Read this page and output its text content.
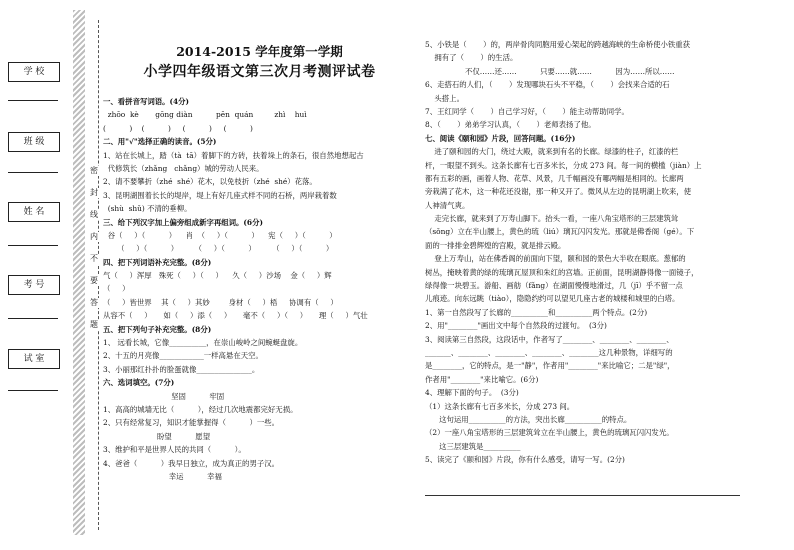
学 校
班 级
姓 名
考 号
试 室
密
封
线
内
不
要
答
题
2014-2015 学年度第一学期
小学四年级语文第三次月考测评试卷
一、看拼音写词语。(4分)
zhōo  kè       gōng diàn          pēn  quán         zhì    huì
(          )    (          )     (          )     (          )
二、用"√"选择正确的读音。(5分)
1、站在长城上，踏（tà  tā）着脚下的方砖，扶着垛上的条石，很自然地想起古
代修筑长（zhǎng   chǎng）城的劳动人民来。
2、请不要攀折（zhé  shé）花木，以免枝折（zhé  shé）花落。
3、昆明湖围着长长的堤岸，堤上有好几座式样不同的石桥，两岸栽着数
(shù  shǔ) 不清的垂柳。
三、给下列汉字加上偏旁组成新字再组词。(6分)
谷（     ）（          ）    肖  （     ）（          ）    宪（     ）（          ）
（     ）（          ）       （     ）（          ）       （     ）（          ）
四、把下列词语补充完整。(8分)
气（     ）浑厚   殊死（     ）（     ）    久（     ）沙场    金（     ）辉
（     ）
（     ）皆世界    其（     ）其妙        身材（     ）梧     协调有（     ）
从容不（     ）     如（     ）添（     ）     毫不（     ）（     ）     理（     ）气壮
五、把下列句子补充完整。(8分)
1、 远看长城，它像__________，在崇山峻岭之间蜿蜒盘旋。
2、十五的月亮像____________一样高悬在天空。
3、小丽那红扑扑的脸蛋就像_______________。
六、选词填空。(7分)
坚固          牢固
1、高高的城墙无比（          ），经过几次地震都完好无损。
2、只有经常复习，知识才能掌握得（          ）一些。
盼望          愿望
3、维护和平是世界人民的共同（          ）。
4、爸爸（          ）我早日独立，成为真正的男子汉。
幸运          幸福
5、小铁是（       ）的，两岸骨肉同胞用爱心架起的跨越海峡的生命桥使小铁重获
拥有了（       ）的生活。
不仅……还……          只要……就……          因为……所以……
6、走搭石的人们，（       ）发现哪块石头不平稳，（       ）会找来合适的石
头搭上。
7、王红同学（       ）自己学习好，（       ）能主动帮助同学。
8、（       ）弟弟学习认真，（       ）老师表扬了他。
七、阅读《颐和园》片段，回答问题。(16分)
进了颐和园的大门，绕过大殿，就来到有名的长廊。绿漆的柱子，红漆的栏
杆，一眼望不到头。这条长廊有七百多米长，分成 273 间。每一间的横槛（jiàn）上
都有五彩的画，画着人物、花草、风景，几千幅画没有哪两幅是相同的。长廊两
旁栽满了花木，这一种花还没谢，那一种又开了。微风从左边的昆明湖上吹来，使
人神清气爽。
走完长廊，就来到了万寿山脚下。抬头一看，一座八角宝塔形的三层建筑耸
（sǒng）立在半山腰上，黄色的琉（liú）璃瓦闪闪发光。那就是佛香阁（gé）。下
面的一排排金碧辉煌的宫殿，就是排云殿。
登上万寿山，站在佛香阁的前面向下望，颐和园的景色大半收在眼底。葱郁的
树丛，掩映着黄的绿的琉璃瓦屋顶和朱红的宫墙。正前面，昆明湖静得像一面镜子，
绿得像一块碧玉。游船、画舫（fǎng）在湖面慢慢地滑过，几（jī）乎不留一点
儿痕迹。向东远眺（tiào），隐隐约约可以望见几座古老的城楼和城里的白塔。
1、第一自然段写了长廊的__________和__________两个特点。(2分)
2、用"________"画出文中每个自然段的过渡句。  (3分)
3、阅读第三自然段，这段话中，作者写了________、________、________、
_______、________、________、________、________这几种景物，详细写的
是________，它的特点，是一"静"，作者用"________"来比喻它；二是"绿"，
作者用"________"来比喻它。(6分)
4、理解下面的句子。  (3分)
（1）这条长廊有七百多米长，分成 273 间。
这句运用__________的方法，突出长廊__________的特点。
（2）一座八角宝塔形的三层建筑耸立在半山腰上，黄色的琉璃瓦闪闪发光。
这三层建筑是__________
5、读完了《颐和园》片段，你有什么感受，请写一写。(2分)
